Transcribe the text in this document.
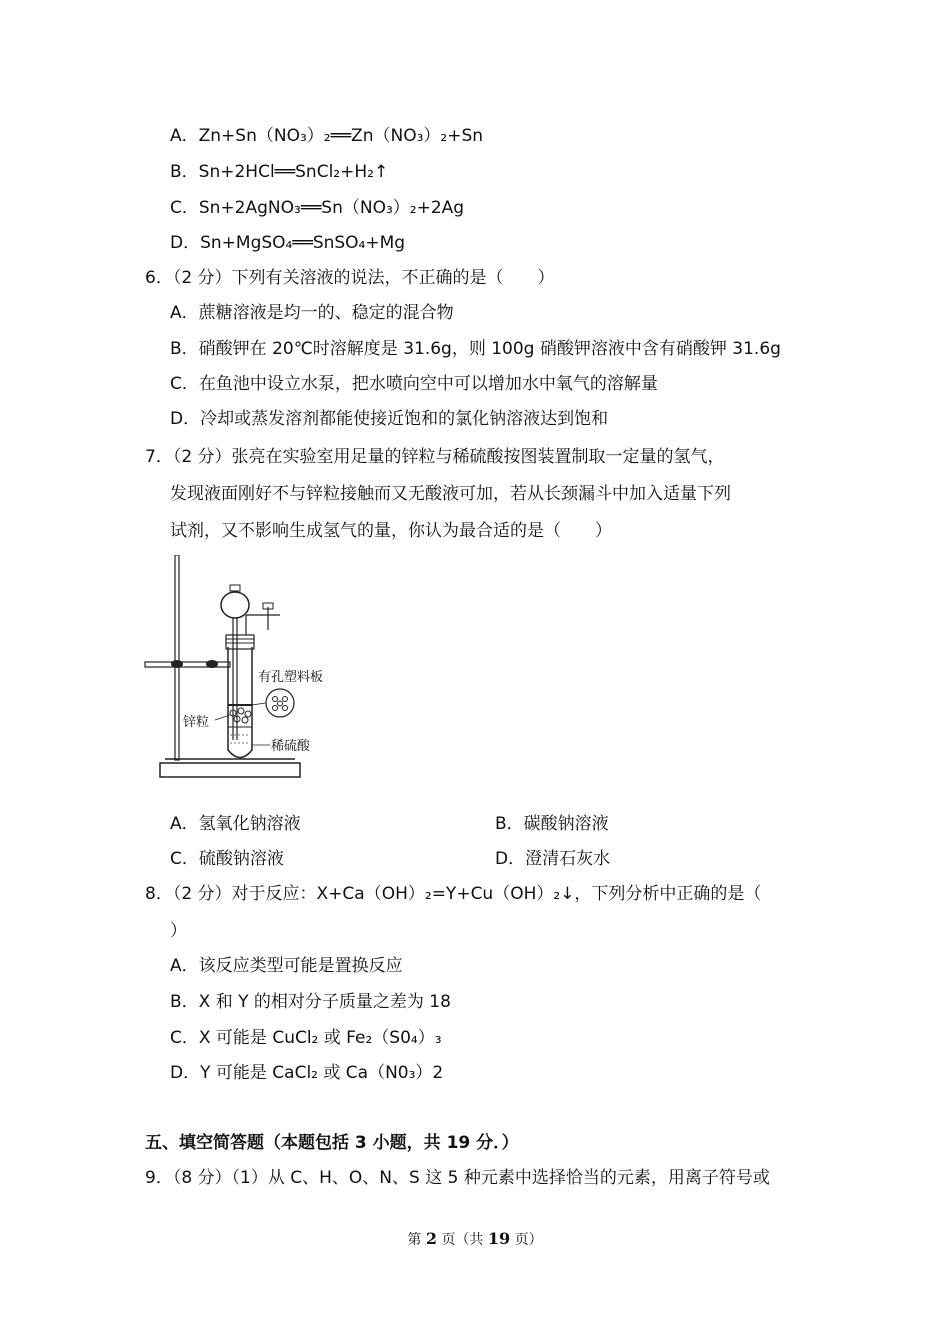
A．Zn+Sn（NO₃）₂══Zn（NO₃）₂+Sn
B．Sn+2HCl══SnCl₂+H₂↑
C．Sn+2AgNO₃══Sn（NO₃）₂+2Ag
D．Sn+MgSO₄══SnSO₄+Mg
6．（2 分）下列有关溶液的说法，不正确的是（　　）
A．蔗糖溶液是均一的、稳定的混合物
B．硝酸钾在 20℃时溶解度是 31.6g，则 100g 硝酸钾溶液中含有硝酸钾 31.6g
C．在鱼池中设立水泵，把水喷向空中可以增加水中氧气的溶解量
D．冷却或蒸发溶剂都能使接近饱和的氯化钠溶液达到饱和
7．（2 分）张亮在实验室用足量的锌粒与稀硫酸按图装置制取一定量的氢气，
发现液面刚好不与锌粒接触而又无酸液可加，若从长颈漏斗中加入适量下列
试剂，又不影响生成氢气的量，你认为最合适的是（　　）
有孔塑料板
锌粒
稀硫酸
A．氢氧化钠溶液	B．碳酸钠溶液
C．硫酸钠溶液	D．澄清石灰水
8．（2 分）对于反应：X+Ca（OH）₂=Y+Cu（OH）₂↓，下列分析中正确的是（
）
A．该反应类型可能是置换反应
B．X 和 Y 的相对分子质量之差为 18
C．X 可能是 CuCl₂ 或 Fe₂（S0₄）₃
D．Y 可能是 CaCl₂ 或 Ca（N0₃）2
五、填空简答题（本题包括 3 小题，共 19 分．）
9．（8 分）（1）从 C、H、O、N、S 这 5 种元素中选择恰当的元素，用离子符号或
第 2 页（共 19 页）
